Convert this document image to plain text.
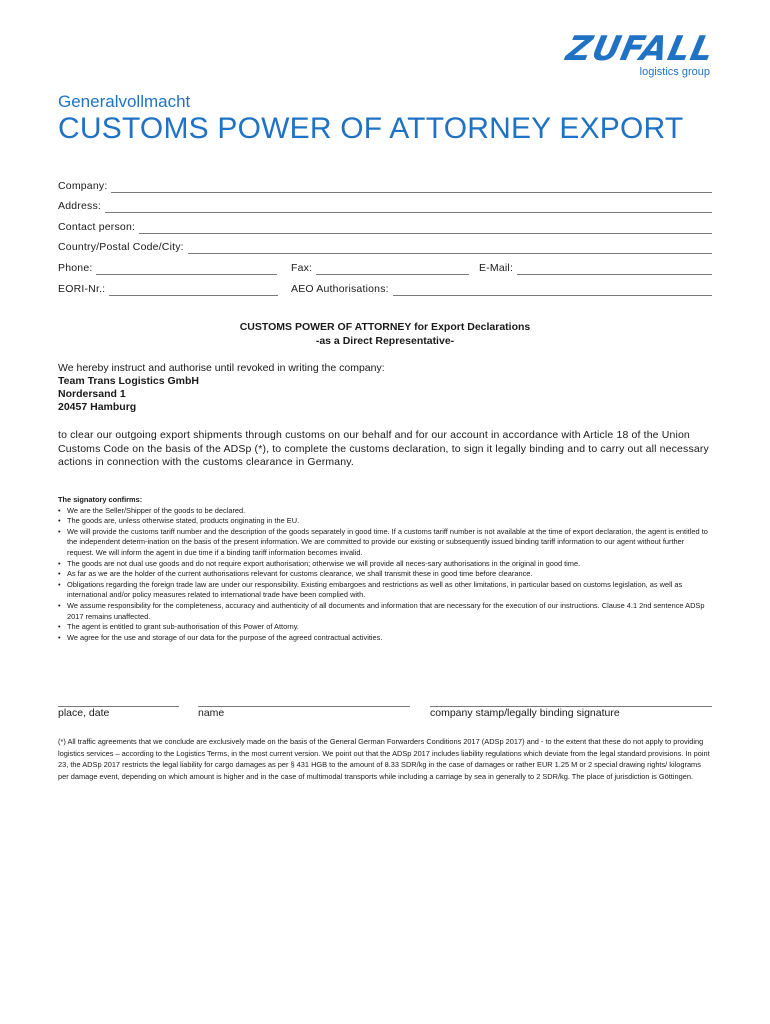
ZUFALL
logistics group
Generalvollmacht
CUSTOMS POWER OF ATTORNEY EXPORT
Company:
Address:
Contact person:
Country/Postal Code/City:
Phone:	Fax:	E-Mail:
EORI-Nr.:	AEO Authorisations:
CUSTOMS POWER OF ATTORNEY for Export Declarations
-as a Direct Representative-
We hereby instruct and authorise until revoked in writing the company:
Team Trans Logistics GmbH
Nordersand 1
20457 Hamburg
to clear our outgoing export shipments through customs on our behalf and for our account in accordance with Article 18 of the Union Customs Code on the basis of the ADSp (*), to complete the customs declaration, to sign it legally binding and to carry out all necessary actions in connection with the customs clearance in Germany.
The signatory confirms:
• We are the Seller/Shipper of the goods to be declared.
• The goods are, unless otherwise stated, products originating in the EU.
• We will provide the customs tariff number and the description of the goods separately in good time. If a customs tariff number is not available at the time of export declaration, the agent is entitled to the independent determ-ination on the basis of the present information. We are committed to provide our existing or subsequently issued binding tariff information to our agent without further request. We will inform the agent in due time if a binding tariff information becomes invalid.
• The goods are not dual use goods and do not require export authorisation; otherwise we will provide all neces-sary authorisations in the original in good time.
• As far as we are the holder of the current authorisations relevant for customs clearance, we shall transmit these in good time before clearance.
• Obligations regarding the foreign trade law are under our responsibility. Existing embargoes and restrictions as well as other limitations, in particular based on customs legislation, as well as international and/or policy measures related to international trade have been complied with.
• We assume responsibility for the completeness, accuracy and authenticity of all documents and information that are necessary for the execution of our instructions. Clause 4.1 2nd sentence ADSp 2017 remains unaffected.
• The agent is entitled to grant sub-authorisation of this Power of Attorny.
• We agree for the use and storage of our data for the purpose of the agreed contractual activities.
place, date	name	company stamp/legally binding signature
(*) All traffic agreements that we conclude are exclusively made on the basis of the General German Forwarders Conditions 2017 (ADSp 2017) and - to the extent that these do not apply to providing logistics services – according to the Logistics Terms, in the most current version. We point out that the ADSp 2017 includes liability regulations which deviate from the legal standard provisions. In point 23, the ADSp 2017 restricts the legal liability for cargo damages as per § 431 HGB to the amount of 8.33 SDR/kg in the case of damages or rather EUR 1.25 M or 2 special drawing rights/ kilograms per damage event, depending on which amount is higher and in the case of multimodal transports while including a carriage by sea in generally to 2 SDR/kg. The place of jurisdiction is Göttingen.
